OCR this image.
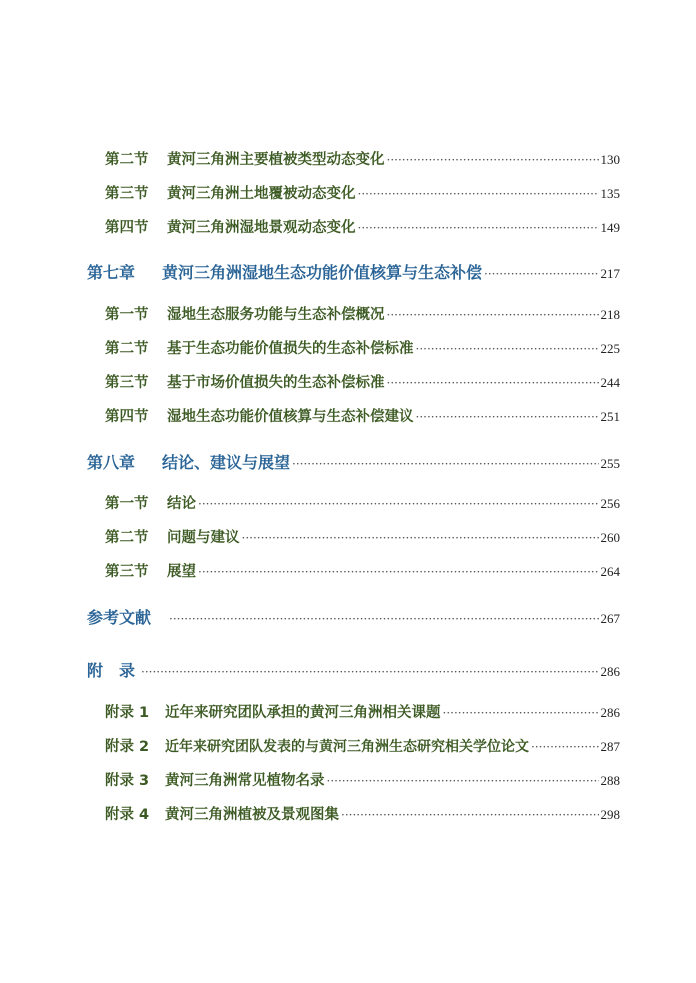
第二节	黄河三角洲主要植被类型动态变化 ·····	130
第三节	黄河三角洲土地覆被动态变化 ·····	135
第四节	黄河三角洲湿地景观动态变化 ·····	149
第七章	黄河三角洲湿地生态功能价值核算与生态补偿 ·····	217
第一节	湿地生态服务功能与生态补偿概况 ·····	218
第二节	基于生态功能价值损失的生态补偿标准 ·····	225
第三节	基于市场价值损失的生态补偿标准 ·····	244
第四节	湿地生态功能价值核算与生态补偿建议 ·····	251
第八章	结论、建议与展望 ·····	255
第一节	结论 ·····	256
第二节	问题与建议 ·····	260
第三节	展望 ·····	264
参考文献 ·····	267
附　录 ·····	286
附录 1	近年来研究团队承担的黄河三角洲相关课题 ·····	286
附录 2	近年来研究团队发表的与黄河三角洲生态研究相关学位论文 ·····	287
附录 3	黄河三角洲常见植物名录 ·····	288
附录 4	黄河三角洲植被及景观图集 ·····	298
